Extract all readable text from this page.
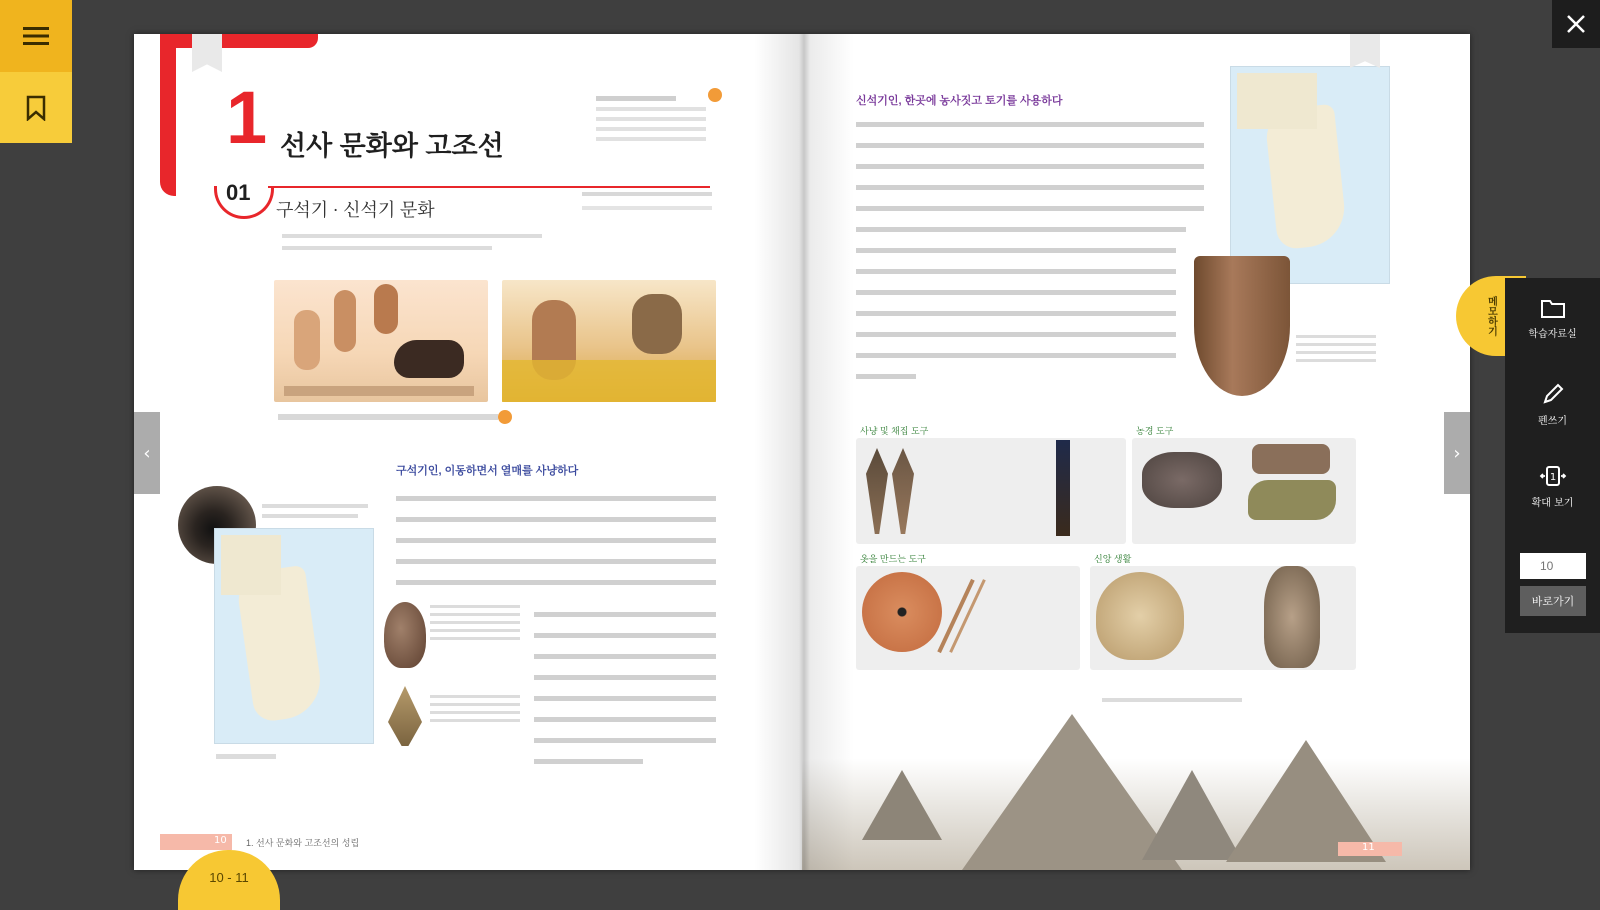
1 선사 문화와 고조선
01
구석기 · 신석기 문화
구석기인, 이동하면서 열매를 사냥하다
10 1. 선사 문화와 고조선의 성립
신석기인, 한곳에 농사짓고 토기를 사용하다
사냥 및 채집 도구	농경 도구
옷을 만드는 도구	신앙 생활
11
‹	›
메모하기	학습자료실
펜쓰기
1
확대 보기
10
바로가기
10 - 11
